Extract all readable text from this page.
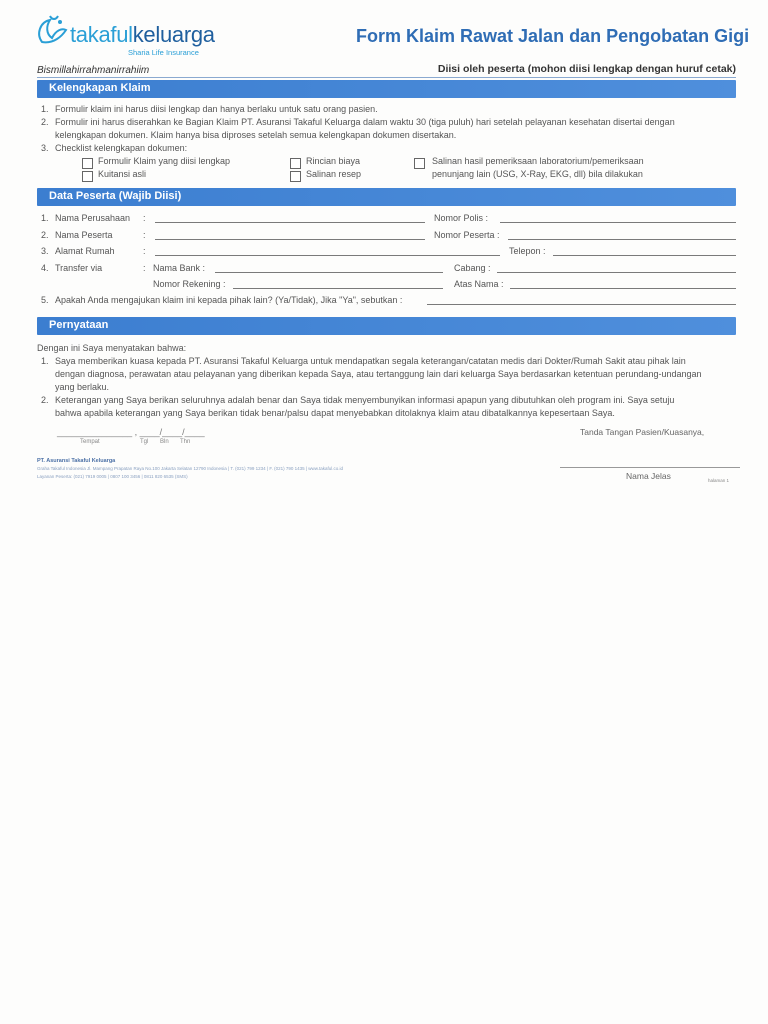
takafulkeluarga
Sharia Life Insurance
Form Klaim Rawat Jalan dan Pengobatan Gigi
Bismillahirrahmanirrahiim	Diisi oleh peserta (mohon diisi lengkap dengan huruf cetak)
Kelengkapan Klaim
1. Formulir klaim ini harus diisi lengkap dan hanya berlaku untuk satu orang pasien.
2. Formulir ini harus diserahkan ke Bagian Klaim PT. Asuransi Takaful Keluarga dalam waktu 30 (tiga puluh) hari setelah pelayanan kesehatan disertai dengan
kelengkapan dokumen. Klaim hanya bisa diproses setelah semua kelengkapan dokumen disertakan.
3. Checklist kelengkapan dokumen:
Formulir Klaim yang diisi lengkap
Kuitansi asli
Rincian biaya
Salinan resep
Salinan hasil pemeriksaan laboratorium/pemeriksaan
penunjang lain (USG, X-Ray, EKG, dll) bila dilakukan
Data Peserta (Wajib Diisi)
1. Nama Perusahaan :	Nomor Polis :
2. Nama Peserta	:	Nomor Peserta :
3. Alamat Rumah	:	Telepon :
4. Transfer via	: Nama Bank :	Cabang :
Nomor Rekening :	Atas Nama :
5. Apakah Anda mengajukan klaim ini kepada pihak lain? (Ya/Tidak), Jika "Ya", sebutkan :
Pernyataan
Dengan ini Saya menyatakan bahwa:
1. Saya memberikan kuasa kepada PT. Asuransi Takaful Keluarga untuk mendapatkan segala keterangan/catatan medis dari Dokter/Rumah Sakit atau pihak lain
dengan diagnosa, perawatan atau pelayanan yang diberikan kepada Saya, atau tertanggung lain dari keluarga Saya berdasarkan ketentuan perundang-undangan
yang berlaku.
2. Keterangan yang Saya berikan seluruhnya adalah benar dan Saya tidak menyembunyikan informasi apapun yang dibutuhkan oleh program ini. Saya setuju
bahwa apabila keterangan yang Saya berikan tidak benar/palsu dapat menyebabkan ditolaknya klaim atau dibatalkannya kepesertaan Saya.
_______________ , ____/____/____
Tempat	Tgl Bln Thn
Tanda Tangan Pasien/Kuasanya,
Nama Jelas
PT. Asuransi Takaful Keluarga
Graha Takaful Indonesia Jl. Mampang Prapatan Raya No.100 Jakarta Selatan 12790 Indonesia | T. (021) 799 1234 | F. (021) 790 1435 | www.takaful.co.id
Layanan Peserta: (021) 7919 0005 | 0807 100 3456 | 0811 820 6535 (SMS)
halaman 1
